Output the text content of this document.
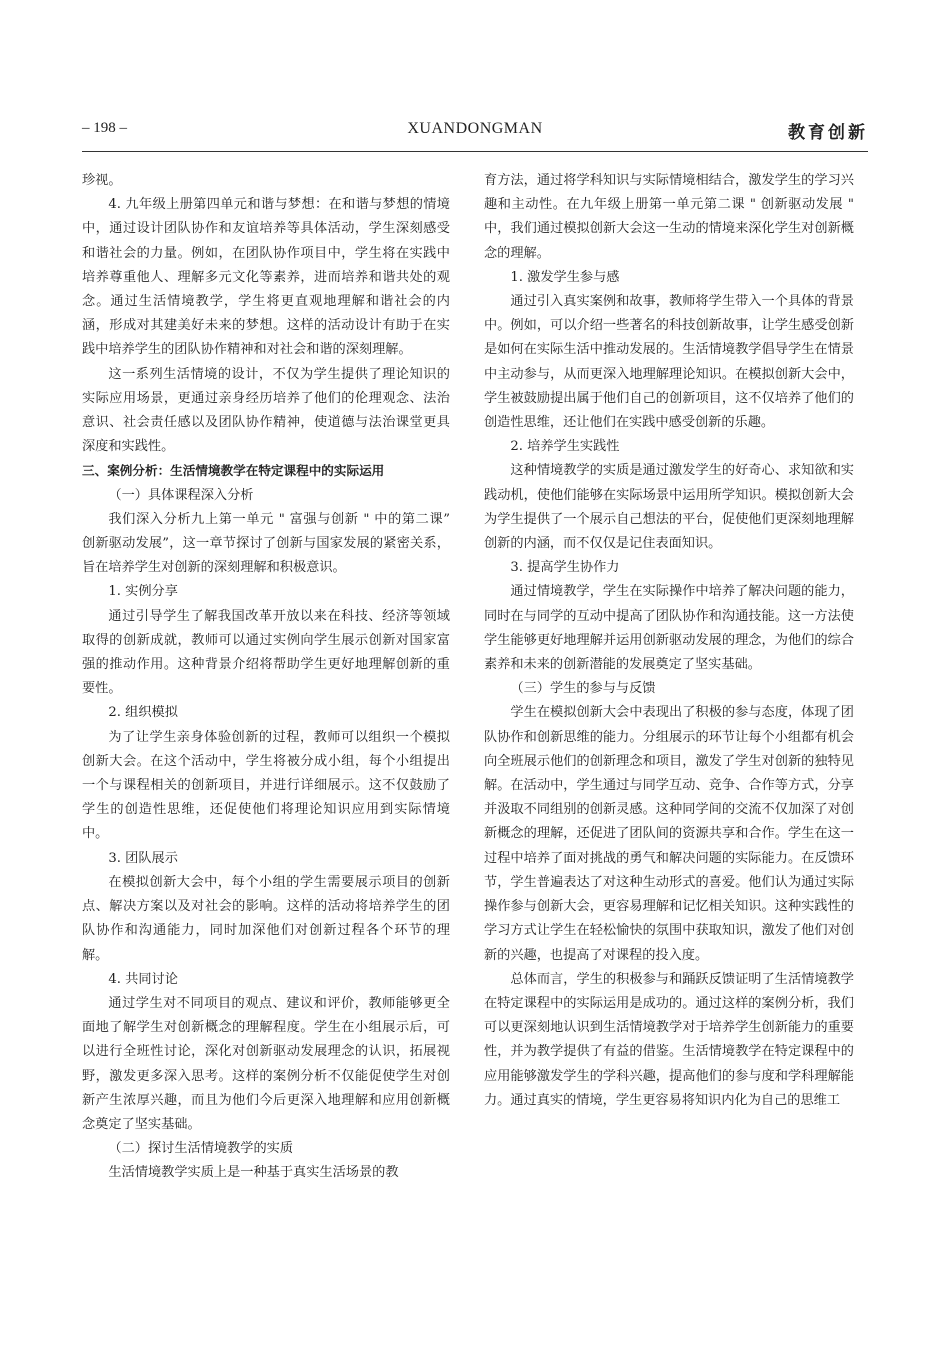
– 198 –	XUANDONGMAN	教育创新

珍视。

4. 九年级上册第四单元和谐与梦想：在和谐与梦想的情境中，通过设计团队协作和友谊培养等具体活动，学生深刻感受和谐社会的力量。例如，在团队协作项目中，学生将在实践中培养尊重他人、理解多元文化等素养，进而培养和谐共处的观念。通过生活情境教学，学生将更直观地理解和谐社会的内涵，形成对其建美好未来的梦想。这样的活动设计有助于在实践中培养学生的团队协作精神和对社会和谐的深刻理解。

这一系列生活情境的设计，不仅为学生提供了理论知识的实际应用场景，更通过亲身经历培养了他们的伦理观念、法治意识、社会责任感以及团队协作精神，使道德与法治课堂更具深度和实践性。

三、案例分析：生活情境教学在特定课程中的实际运用

（一）具体课程深入分析

我们深入分析九上第一单元 " 富强与创新 " 中的第二课” 创新驱动发展”，这一章节探讨了创新与国家发展的紧密关系，旨在培养学生对创新的深刻理解和积极意识。

1. 实例分享

通过引导学生了解我国改革开放以来在科技、经济等领域取得的创新成就，教师可以通过实例向学生展示创新对国家富强的推动作用。这种背景介绍将帮助学生更好地理解创新的重要性。

2. 组织模拟

为了让学生亲身体验创新的过程，教师可以组织一个模拟创新大会。在这个活动中，学生将被分成小组，每个小组提出一个与课程相关的创新项目，并进行详细展示。这不仅鼓励了学生的创造性思维，还促使他们将理论知识应用到实际情境中。

3. 团队展示

在模拟创新大会中，每个小组的学生需要展示项目的创新点、解决方案以及对社会的影响。这样的活动将培养学生的团队协作和沟通能力，同时加深他们对创新过程各个环节的理解。

4. 共同讨论

通过学生对不同项目的观点、建议和评价，教师能够更全面地了解学生对创新概念的理解程度。学生在小组展示后，可以进行全班性讨论，深化对创新驱动发展理念的认识，拓展视野，激发更多深入思考。这样的案例分析不仅能促使学生对创新产生浓厚兴趣，而且为他们今后更深入地理解和应用创新概念奠定了坚实基础。

（二）探讨生活情境教学的实质

生活情境教学实质上是一种基于真实生活场景的教

育方法，通过将学科知识与实际情境相结合，激发学生的学习兴趣和主动性。在九年级上册第一单元第二课 " 创新驱动发展 " 中，我们通过模拟创新大会这一生动的情境来深化学生对创新概念的理解。

1. 激发学生参与感

通过引入真实案例和故事，教师将学生带入一个具体的背景中。例如，可以介绍一些著名的科技创新故事，让学生感受创新是如何在实际生活中推动发展的。生活情境教学倡导学生在情景中主动参与，从而更深入地理解理论知识。在模拟创新大会中，学生被鼓励提出属于他们自己的创新项目，这不仅培养了他们的创造性思维，还让他们在实践中感受创新的乐趣。

2. 培养学生实践性

这种情境教学的实质是通过激发学生的好奇心、求知欲和实践动机，使他们能够在实际场景中运用所学知识。模拟创新大会为学生提供了一个展示自己想法的平台，促使他们更深刻地理解创新的内涵，而不仅仅是记住表面知识。

3. 提高学生协作力

通过情境教学，学生在实际操作中培养了解决问题的能力，同时在与同学的互动中提高了团队协作和沟通技能。这一方法使学生能够更好地理解并运用创新驱动发展的理念，为他们的综合素养和未来的创新潜能的发展奠定了坚实基础。

（三）学生的参与与反馈

学生在模拟创新大会中表现出了积极的参与态度，体现了团队协作和创新思维的能力。分组展示的环节让每个小组都有机会向全班展示他们的创新理念和项目，激发了学生对创新的独特见解。在活动中，学生通过与同学互动、竞争、合作等方式，分享并汲取不同组别的创新灵感。这种同学间的交流不仅加深了对创新概念的理解，还促进了团队间的资源共享和合作。学生在这一过程中培养了面对挑战的勇气和解决问题的实际能力。在反馈环节，学生普遍表达了对这种生动形式的喜爱。他们认为通过实际操作参与创新大会，更容易理解和记忆相关知识。这种实践性的学习方式让学生在轻松愉快的氛围中获取知识，激发了他们对创新的兴趣，也提高了对课程的投入度。

总体而言，学生的积极参与和踊跃反馈证明了生活情境教学在特定课程中的实际运用是成功的。通过这样的案例分析，我们可以更深刻地认识到生活情境教学对于培养学生创新能力的重要性，并为教学提供了有益的借鉴。生活情境教学在特定课程中的应用能够激发学生的学科兴趣，提高他们的参与度和学科理解能力。通过真实的情境，学生更容易将知识内化为自己的思维工
